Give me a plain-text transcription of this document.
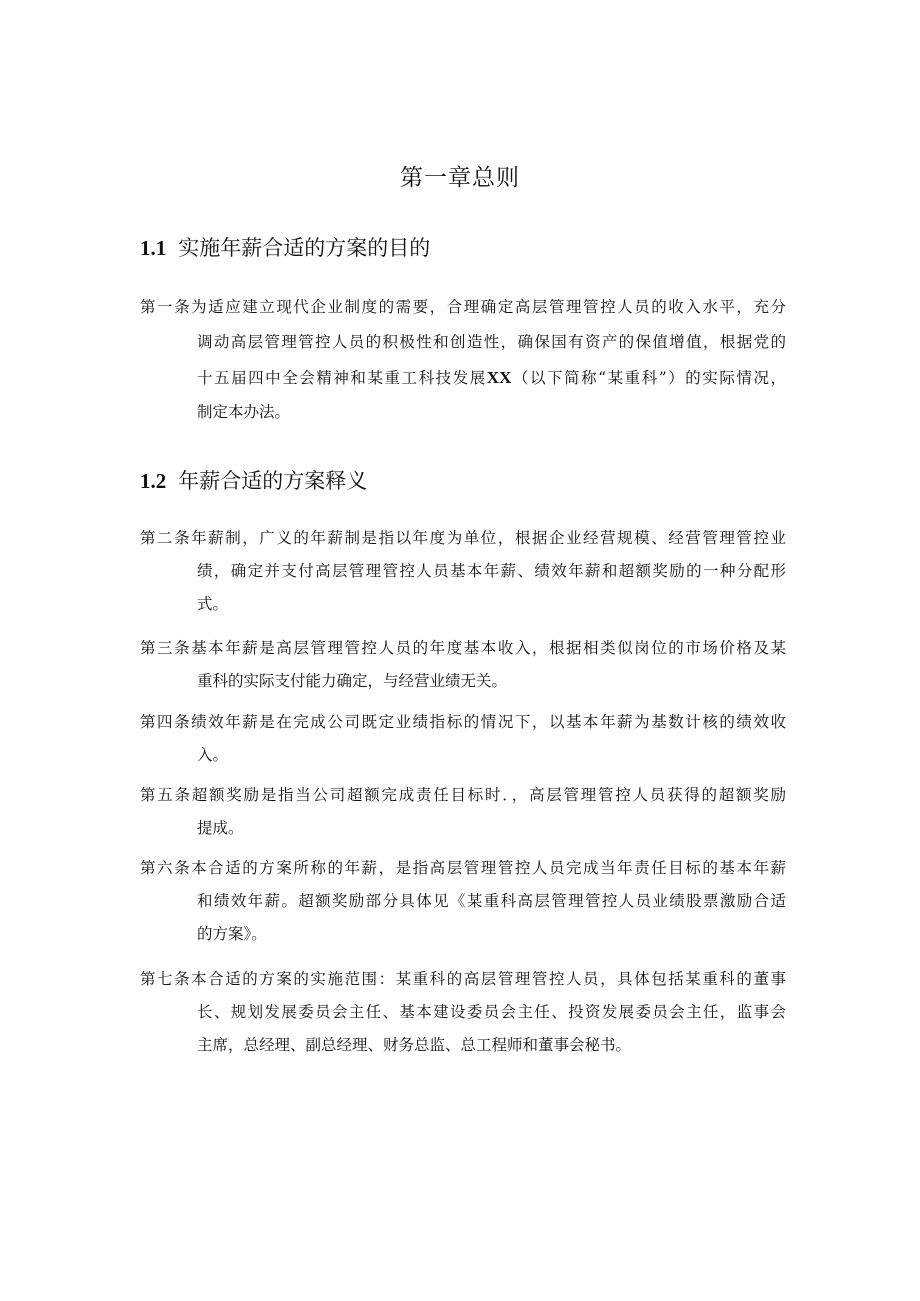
第一章总则
1.1 实施年薪合适的方案的目的
第一条为适应建立现代企业制度的需要，合理确定高层管理管控人员的收入水平，充分
调动高层管理管控人员的积极性和创造性，确保国有资产的保值增值，根据党的
十五届四中全会精神和某重工科技发展XX（以下简称“某重科”）的实际情况，
制定本办法。
1.2 年薪合适的方案释义
第二条年薪制，广义的年薪制是指以年度为单位，根据企业经营规模、经营管理管控业
绩，确定并支付高层管理管控人员基本年薪、绩效年薪和超额奖励的一种分配形
式。
第三条基本年薪是高层管理管控人员的年度基本收入，根据相类似岗位的市场价格及某
重科的实际支付能力确定，与经营业绩无关。
第四条绩效年薪是在完成公司既定业绩指标的情况下，以基本年薪为基数计核的绩效收
入。
第五条超额奖励是指当公司超额完成责任目标时．，高层管理管控人员获得的超额奖励
提成。
第六条本合适的方案所称的年薪，是指高层管理管控人员完成当年责任目标的基本年薪
和绩效年薪。超额奖励部分具体见《某重科高层管理管控人员业绩股票激励合适
的方案》。
第七条本合适的方案的实施范围：某重科的高层管理管控人员，具体包括某重科的董事
长、规划发展委员会主任、基本建设委员会主任、投资发展委员会主任，监事会
主席，总经理、副总经理、财务总监、总工程师和董事会秘书。
